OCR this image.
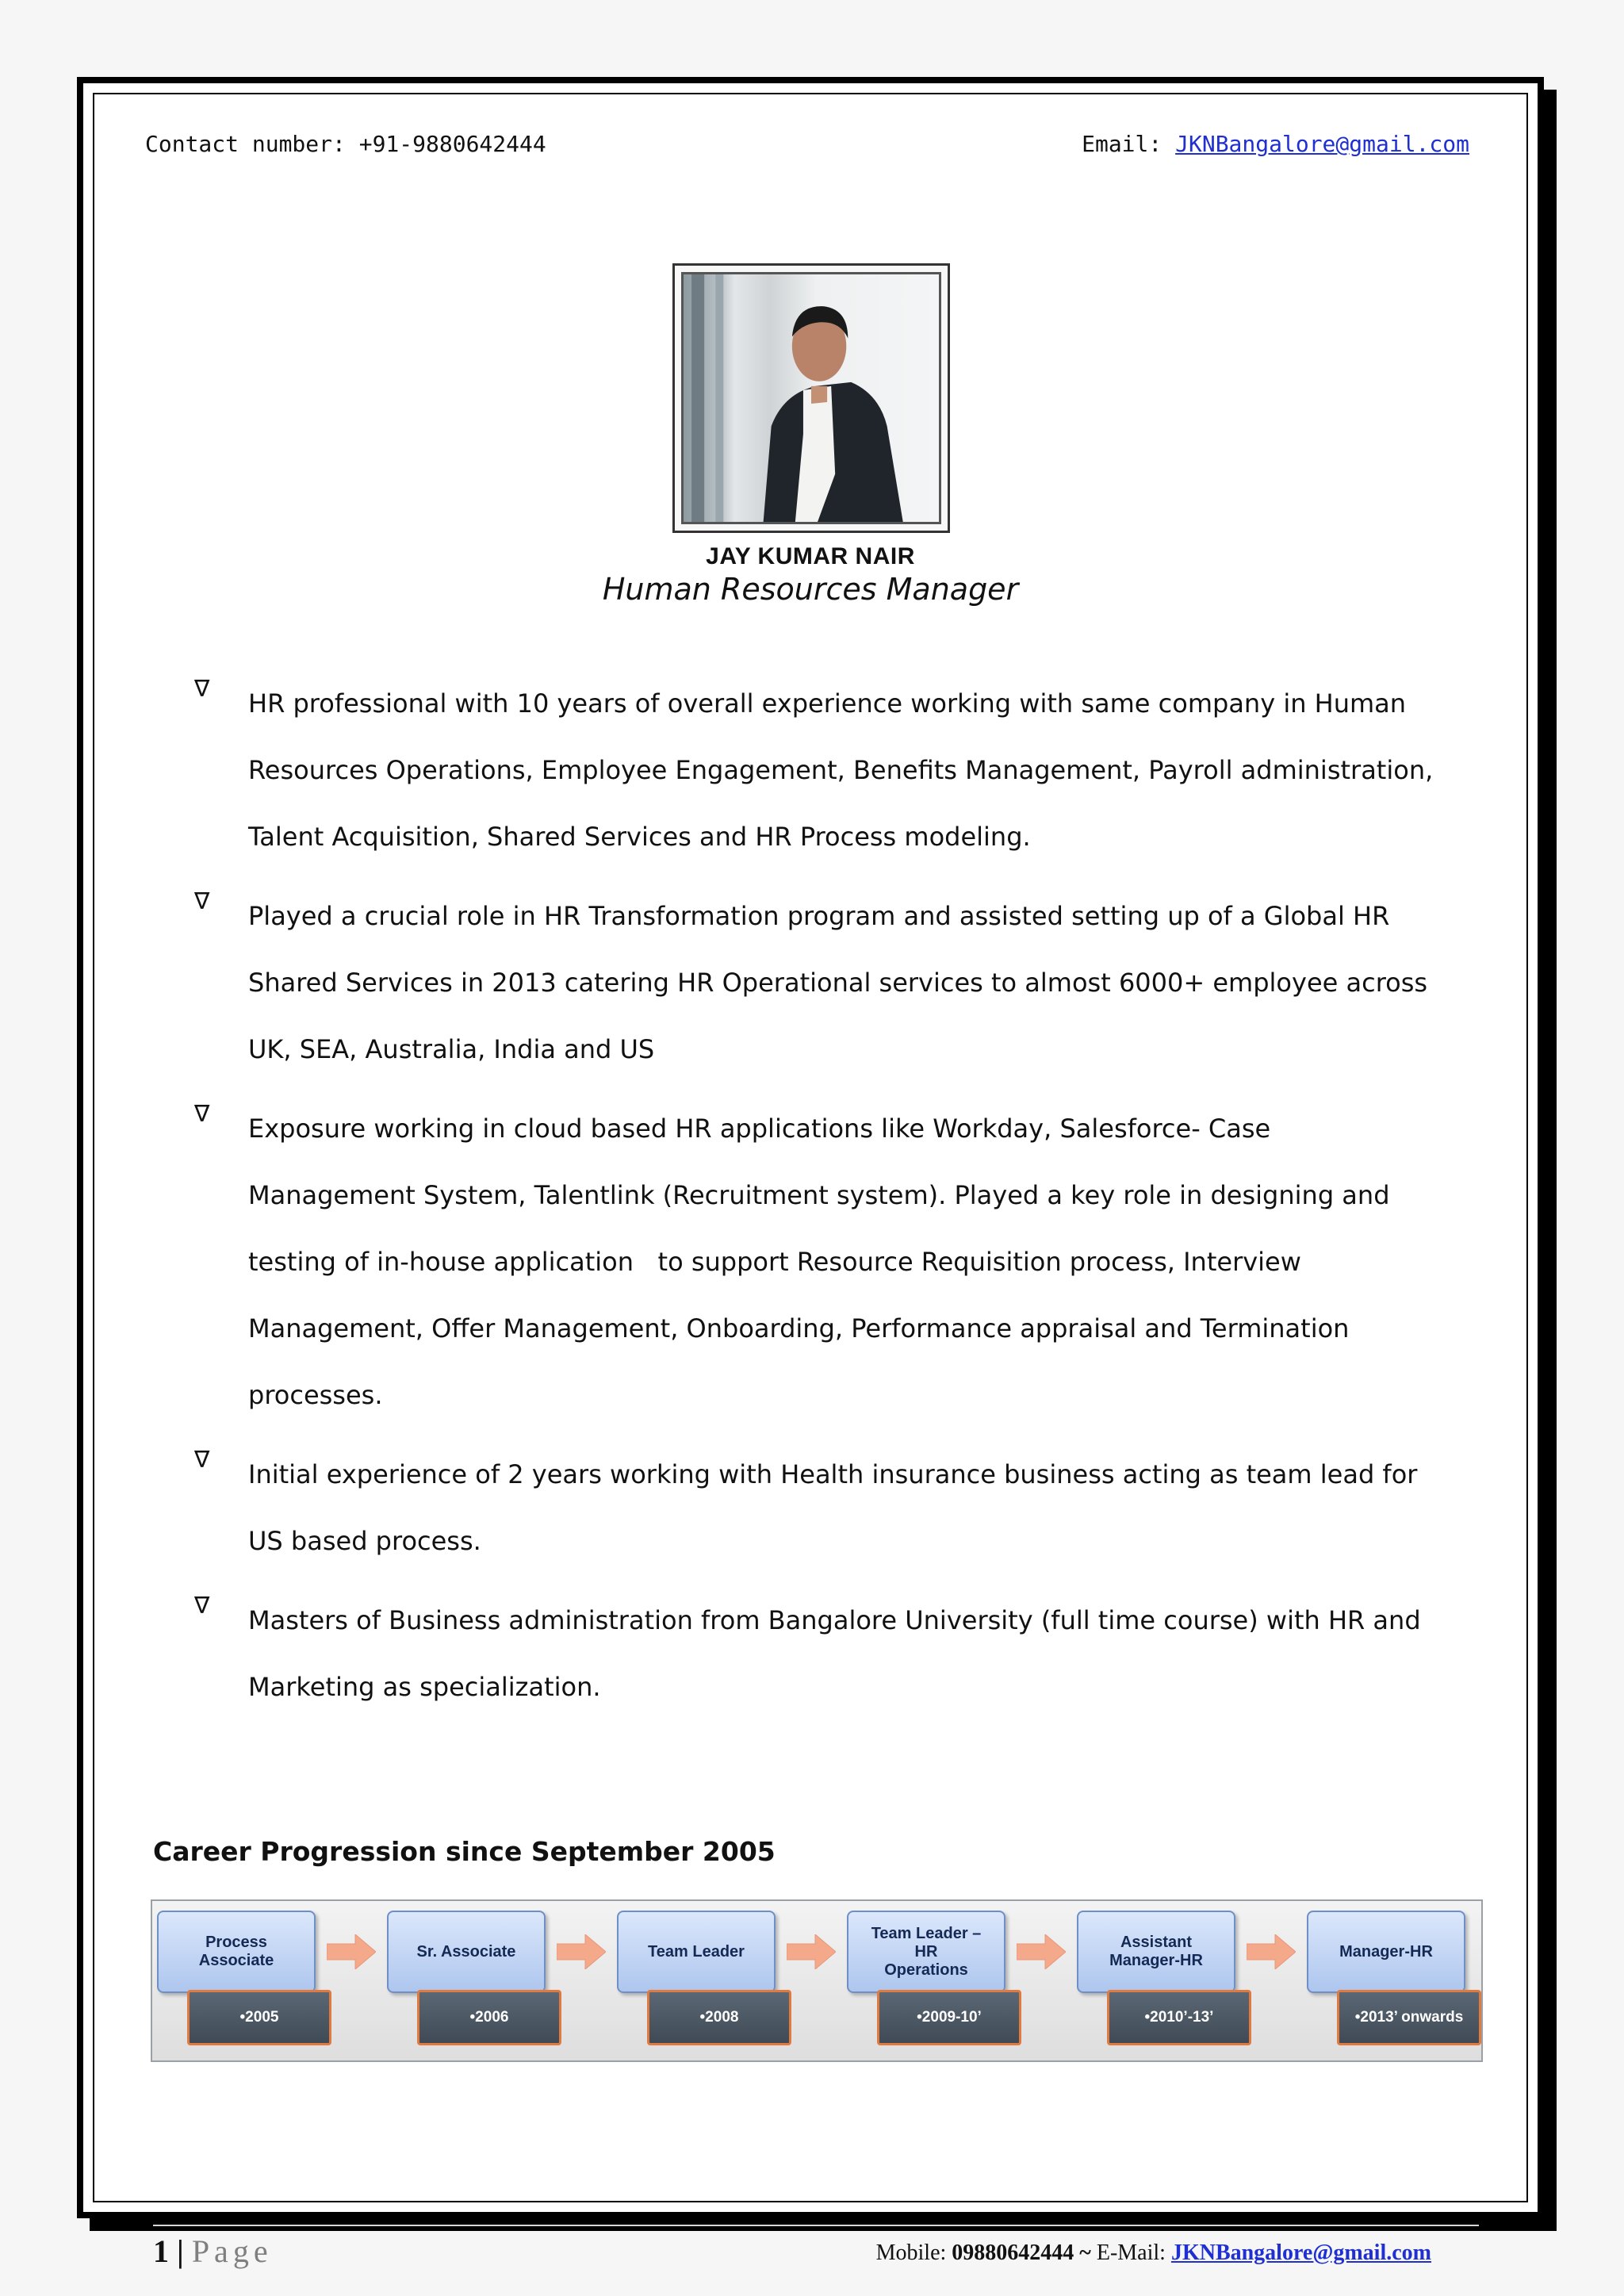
Contact number: +91-9880642444	Email: JKNBangalore@gmail.com
JAY KUMAR NAIR
Human Resources Manager
∇ HR professional with 10 years of overall experience working with same company in Human
Resources Operations, Employee Engagement, Benefits Management, Payroll administration,
Talent Acquisition, Shared Services and HR Process modeling.
∇ Played a crucial role in HR Transformation program and assisted setting up of a Global HR
Shared Services in 2013 catering HR Operational services to almost 6000+ employee across
UK, SEA, Australia, India and US
∇ Exposure working in cloud based HR applications like Workday, Salesforce- Case
Management System, Talentlink (Recruitment system). Played a key role in designing and
testing of in-house application   to support Resource Requisition process, Interview
Management, Offer Management, Onboarding, Performance appraisal and Termination
processes.
∇ Initial experience of 2 years working with Health insurance business acting as team lead for
US based process.
∇ Masters of Business administration from Bangalore University (full time course) with HR and
Marketing as specialization.
Career Progression since September 2005
Process Associate
•2005
Sr. Associate
•2006
Team Leader
•2008
Team Leader – HR Operations
•2009-10’
Assistant Manager-HR
•2010’-13’
Manager-HR
•2013’ onwards
1 | Page	Mobile: 09880642444 ~ E-Mail: JKNBangalore@gmail.com
